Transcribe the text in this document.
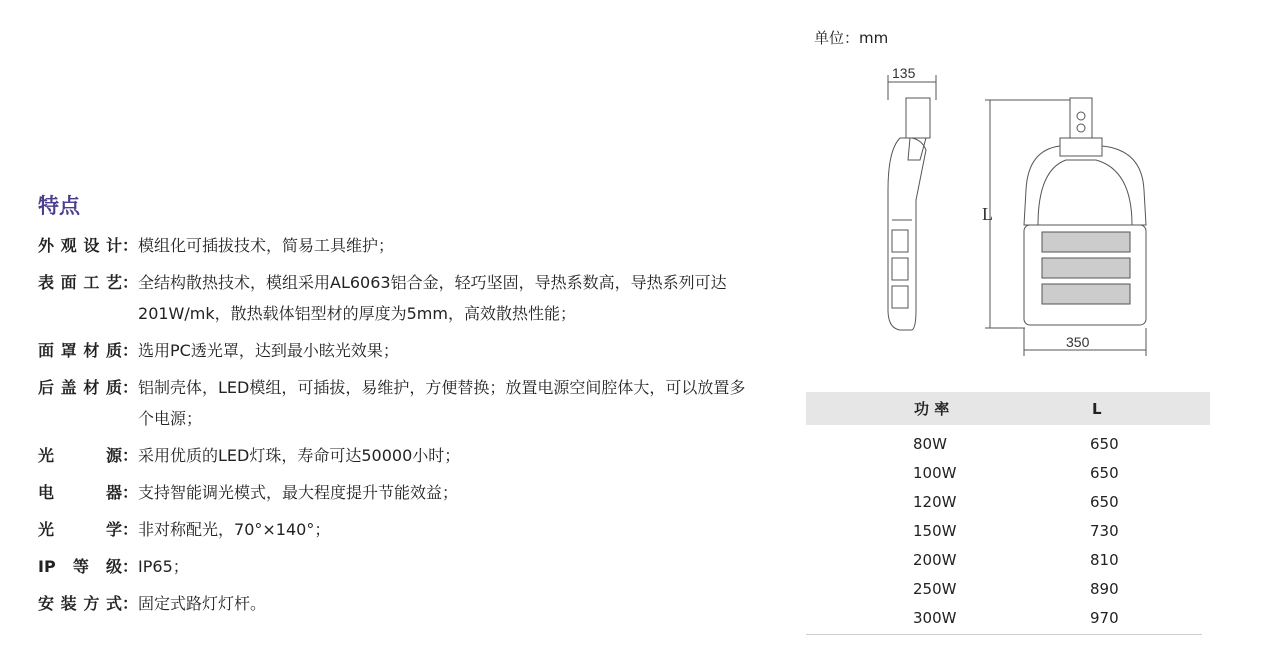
特点
外观设计 ： 模组化可插拔技术，简易工具维护；
表面工艺 ： 全结构散热技术，模组采用AL6063铝合金，轻巧坚固，导热系数高，导热系列可达201W/mk，散热载体铝型材的厚度为5mm，高效散热性能；
面罩材质 ： 选用PC透光罩，达到最小眩光效果；
后盖材质 ： 铝制壳体，LED模组，可插拔，易维护，方便替换；放置电源空间腔体大，可以放置多个电源；
光源 ： 采用优质的LED灯珠，寿命可达50000小时；
电器 ： 支持智能调光模式，最大程度提升节能效益；
光学 ： 非对称配光，70°×140°；
IP等级 ： IP65；
安装方式 ： 固定式路灯灯杆。
单位：mm
135
L
350
功 率	L
80W	650
100W	650
120W	650
150W	730
200W	810
250W	890
300W	970
